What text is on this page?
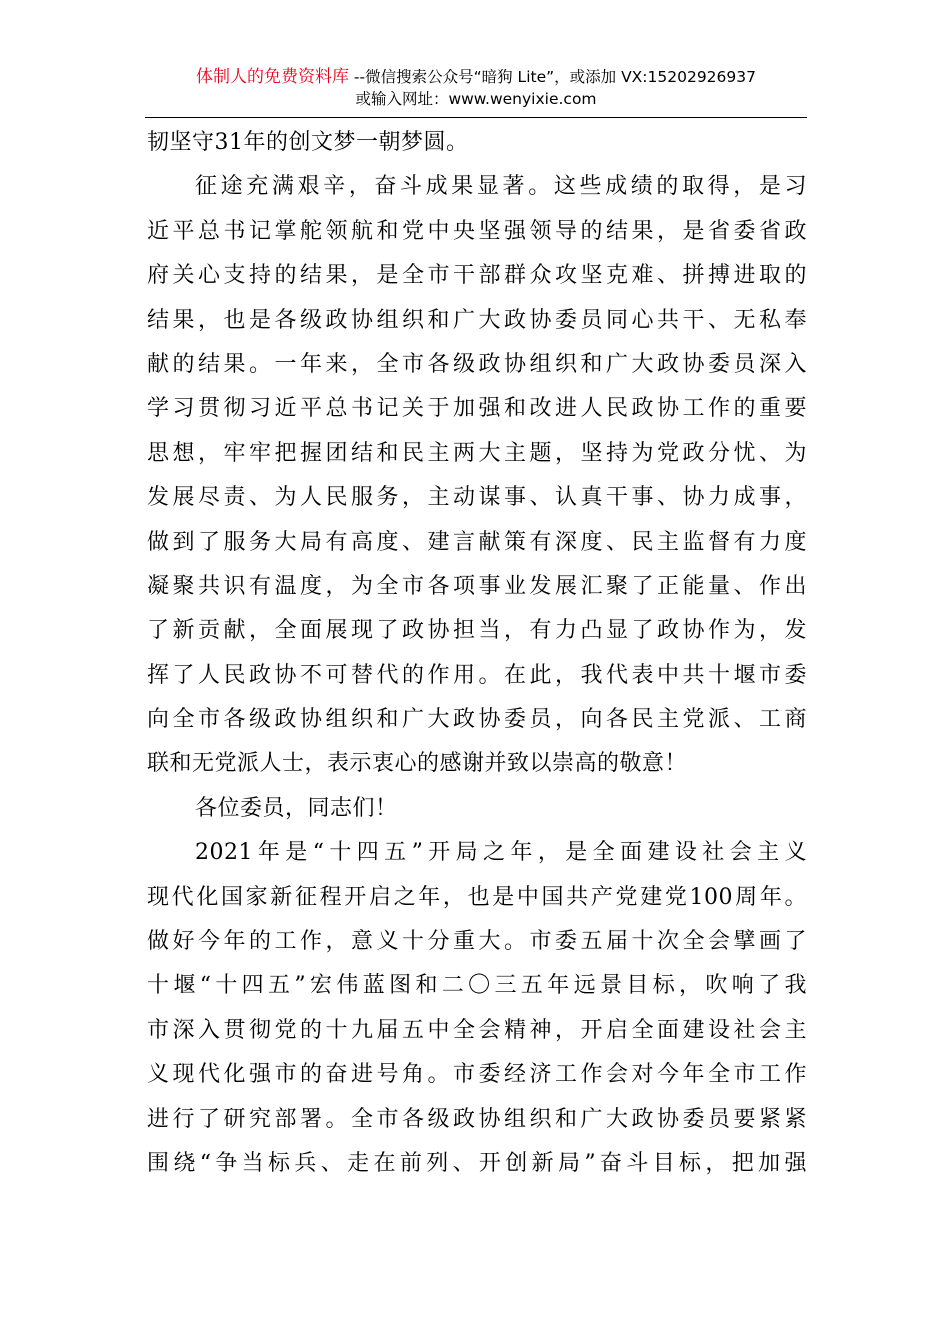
体制人的免费资料库 --微信搜索公众号“暗狗 Lite”，或添加 VX:15202926937
或输入网址：www.wenyixie.com
韧坚守31年的创文梦一朝梦圆。
征途充满艰辛，奋斗成果显著。这些成绩的取得，是习
近平总书记掌舵领航和党中央坚强领导的结果，是省委省政
府关心支持的结果，是全市干部群众攻坚克难、拼搏进取的
结果，也是各级政协组织和广大政协委员同心共干、无私奉
献的结果。一年来，全市各级政协组织和广大政协委员深入
学习贯彻习近平总书记关于加强和改进人民政协工作的重要
思想，牢牢把握团结和民主两大主题，坚持为党政分忧、为
发展尽责、为人民服务，主动谋事、认真干事、协力成事，
做到了服务大局有高度、建言献策有深度、民主监督有力度
凝聚共识有温度，为全市各项事业发展汇聚了正能量、作出
了新贡献，全面展现了政协担当，有力凸显了政协作为，发
挥了人民政协不可替代的作用。在此，我代表中共十堰市委
向全市各级政协组织和广大政协委员，向各民主党派、工商
联和无党派人士，表示衷心的感谢并致以崇高的敬意！
各位委员，同志们！
2021年是“十四五”开局之年，是全面建设社会主义
现代化国家新征程开启之年，也是中国共产党建党100周年。
做好今年的工作，意义十分重大。市委五届十次全会擘画了
十堰“十四五”宏伟蓝图和二〇三五年远景目标，吹响了我
市深入贯彻党的十九届五中全会精神，开启全面建设社会主
义现代化强市的奋进号角。市委经济工作会对今年全市工作
进行了研究部署。全市各级政协组织和广大政协委员要紧紧
围绕“争当标兵、走在前列、开创新局”奋斗目标，把加强
